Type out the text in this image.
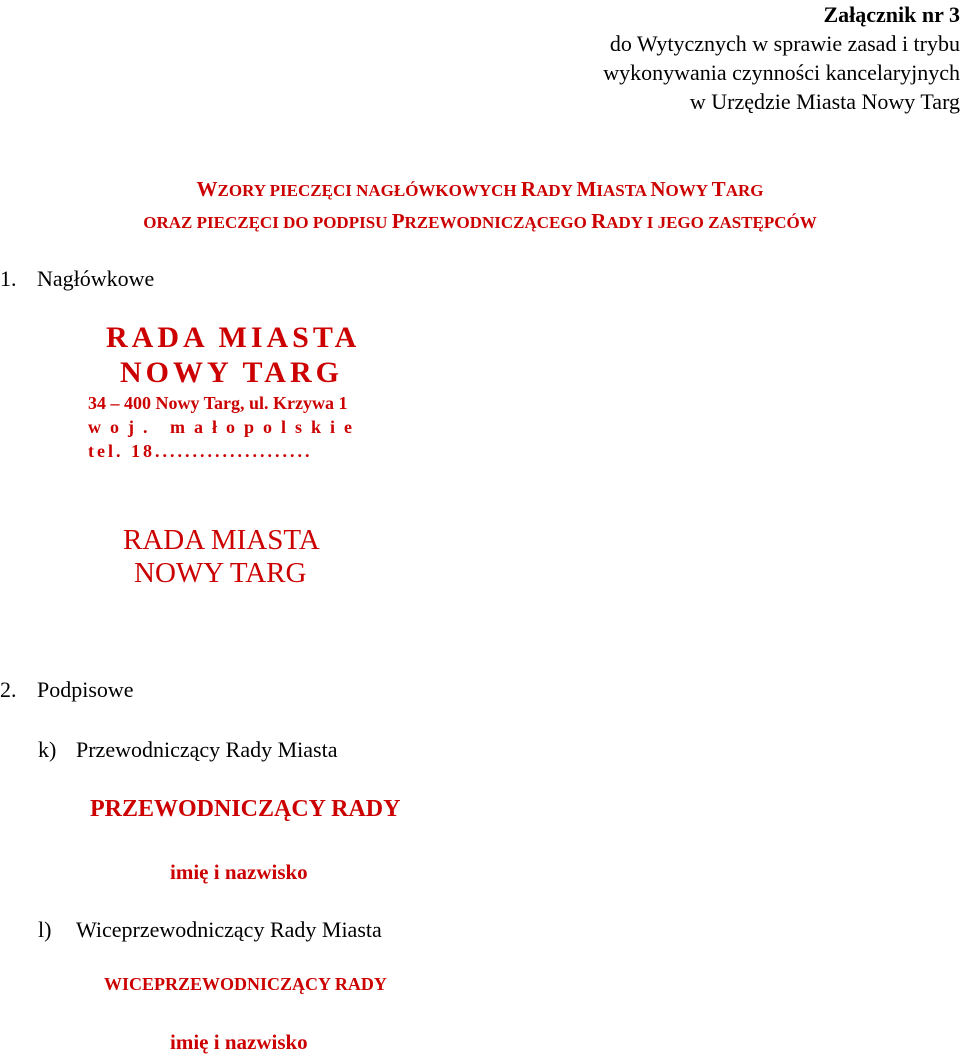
Załącznik nr 3
do Wytycznych w sprawie zasad i trybu
wykonywania czynności kancelaryjnych
w Urzędzie Miasta Nowy Targ
WZORY PIECZĘCI NAGŁÓWKOWYCH RADY MIASTA NOWY TARG
ORAZ PIECZĘCI DO PODPISU PRZEWODNICZĄCEGO RADY I JEGO ZASTĘPCÓW
1. Nagłówkowe
RADA MIASTA
NOWY TARG
34 – 400 Nowy Targ, ul. Krzywa 1
woj. małopolskie
tel. 18.....................
RADA MIASTA
NOWY TARG
2. Podpisowe
k) Przewodniczący Rady Miasta
PRZEWODNICZĄCY RADY
imię i nazwisko
l) Wiceprzewodniczący Rady Miasta
WICEPRZEWODNICZĄCY RADY
imię i nazwisko
